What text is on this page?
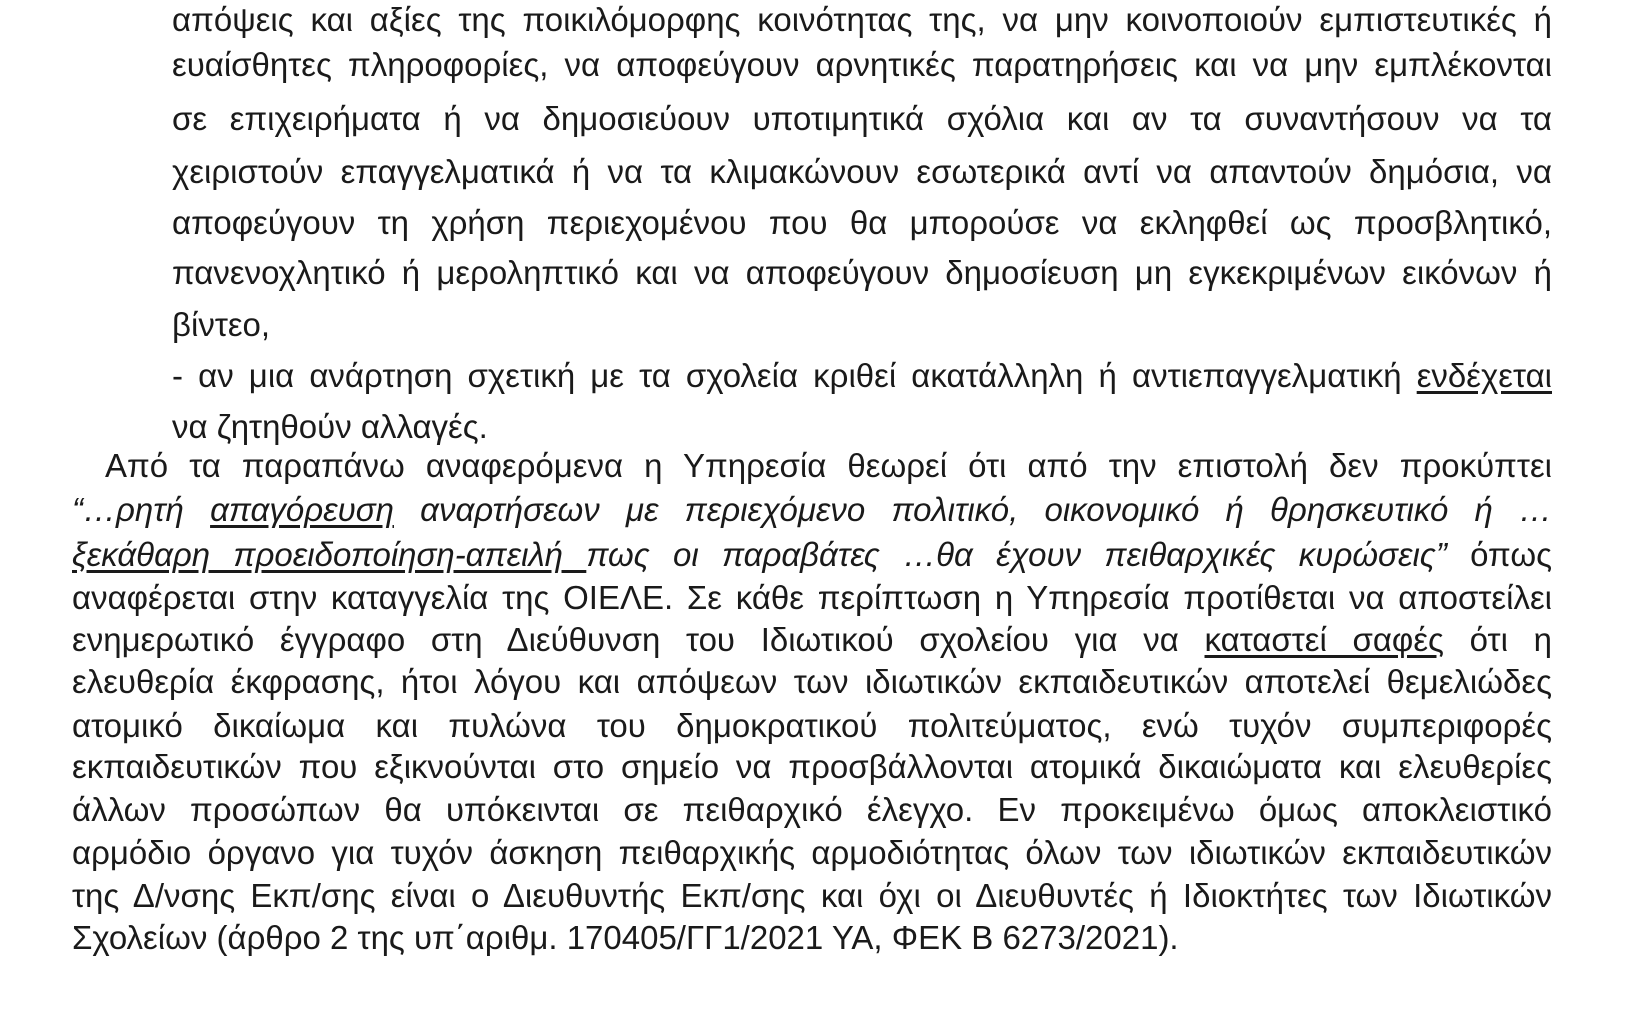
απόψεις και αξίες της ποικιλόμορφης κοινότητας της, να μην κοινοποιούν εμπιστευτικές ή
ευαίσθητες πληροφορίες, να αποφεύγουν αρνητικές παρατηρήσεις και να μην εμπλέκονται
σε επιχειρήματα ή να δημοσιεύουν υποτιμητικά σχόλια και αν τα συναντήσουν να τα
χειριστούν επαγγελματικά ή να τα κλιμακώνουν εσωτερικά αντί να απαντούν δημόσια, να
αποφεύγουν τη χρήση περιεχομένου που θα μπορούσε να εκληφθεί ως προσβλητικό,
πανενοχλητικό ή μεροληπτικό και να αποφεύγουν δημοσίευση μη εγκεκριμένων εικόνων ή
βίντεο,
- αν μια ανάρτηση σχετική με τα σχολεία κριθεί ακατάλληλη ή αντιεπαγγελματική ενδέχεται
να ζητηθούν αλλαγές.
Από τα παραπάνω αναφερόμενα η Υπηρεσία θεωρεί ότι από την επιστολή δεν προκύπτει
“…ρητή απαγόρευση αναρτήσεων με περιεχόμενο πολιτικό, οικονομικό ή θρησκευτικό ή …
ξεκάθαρη προειδοποίηση-απειλή πως οι παραβάτες …θα έχουν πειθαρχικές κυρώσεις” όπως
αναφέρεται στην καταγγελία της ΟΙΕΛΕ. Σε κάθε περίπτωση η Υπηρεσία προτίθεται να αποστείλει
ενημερωτικό έγγραφο στη Διεύθυνση του Ιδιωτικού σχολείου για να καταστεί σαφές ότι η
ελευθερία έκφρασης, ήτοι λόγου και απόψεων των ιδιωτικών εκπαιδευτικών αποτελεί θεμελιώδες
ατομικό δικαίωμα και πυλώνα του δημοκρατικού πολιτεύματος, ενώ τυχόν συμπεριφορές
εκπαιδευτικών που εξικνούνται στο σημείο να προσβάλλονται ατομικά δικαιώματα και ελευθερίες
άλλων προσώπων θα υπόκεινται σε πειθαρχικό έλεγχο. Εν προκειμένω όμως αποκλειστικό
αρμόδιο όργανο για τυχόν άσκηση πειθαρχικής αρμοδιότητας όλων των ιδιωτικών εκπαιδευτικών
της Δ/νσης Εκπ/σης είναι ο Διευθυντής Εκπ/σης και όχι οι Διευθυντές ή Ιδιοκτήτες των Ιδιωτικών
Σχολείων (άρθρο 2 της υπ΄αριθμ. 170405/ΓΓ1/2021 ΥΑ, ΦΕΚ Β 6273/2021).
